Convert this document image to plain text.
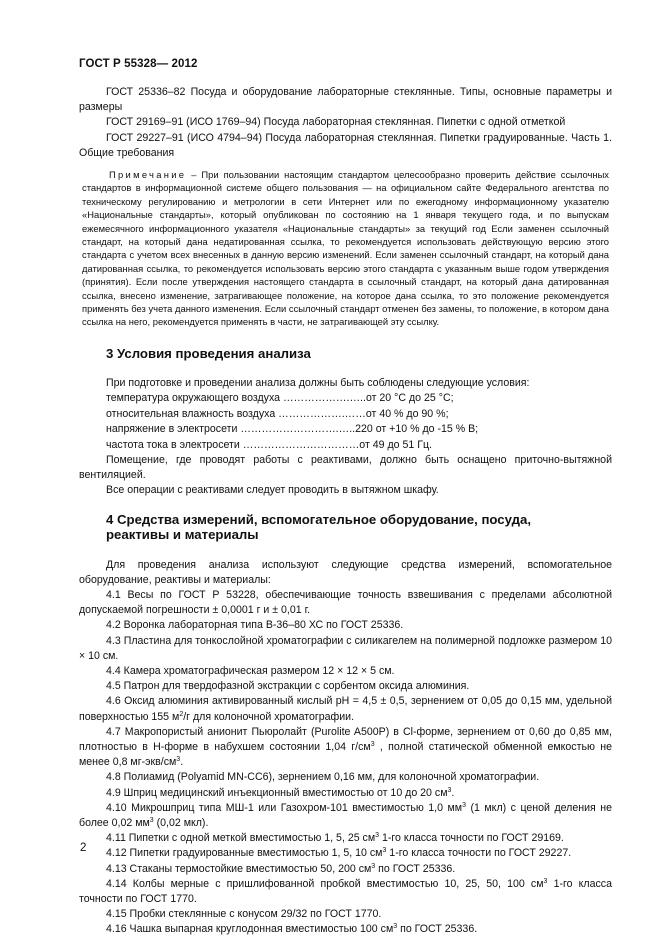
ГОСТ Р 55328— 2012

ГОСТ 25336–82 Посуда и оборудование лабораторные стеклянные. Типы, основные параметры и размеры

ГОСТ 29169–91 (ИСО 1769–94) Посуда лабораторная стеклянная. Пипетки с одной отметкой

ГОСТ 29227–91 (ИСО 4794–94) Посуда лабораторная стеклянная. Пипетки градуированные. Часть 1. Общие требования

Примечание – При пользовании настоящим стандартом целесообразно проверить действие ссылочных стандартов в информационной системе общего пользования — на официальном сайте Федерального агентства по техническому регулированию и метрологии в сети Интернет или по ежегодному информационному указателю «Национальные стандарты», который опубликован по состоянию на 1 января текущего года, и по выпускам ежемесячного информационного указателя «Национальные стандарты» за текущий год Если заменен ссылочный стандарт, на который дана недатированная ссылка, то рекомендуется использовать действующую версию этого стандарта с учетом всех внесенных в данную версию изменений. Если заменен ссылочный стандарт, на который дана датированная ссылка, то рекомендуется использовать версию этого стандарта с указанным выше годом утверждения (принятия). Если после утверждения настоящего стандарта в ссылочный стандарт, на который дана датированная ссылка, внесено изменение, затрагивающее положение, на которое дана ссылка, то это положение рекомендуется применять без учета данного изменения. Если ссылочный стандарт отменен без замены, то положение, в котором дана ссылка на него, рекомендуется применять в части, не затрагивающей эту ссылку.

3 Условия проведения анализа
При подготовке и проведении анализа должны быть соблюдены следующие условия:
температура окружающего воздуха ……………….…..от 20 °С до 25 °С;
относительная влажность воздуха ……………….……от 40 % до 90 %;
напряжение в электросети ……………………….…..220 от +10 % до -15 % В;
частота тока в электросети ……………………………от 49 до 51 Гц.

Помещение, где проводят работы с реактивами, должно быть оснащено приточно-вытяжной вентиляцией.

Все операции с реактивами следует проводить в вытяжном шкафу.

4 Средства измерений, вспомогательное оборудование, посуда, реактивы и материалы

Для проведения анализа используют следующие средства измерений, вспомогательное оборудование, реактивы и материалы:

4.1 Весы по ГОСТ Р 53228, обеспечивающие точность взвешивания с пределами абсолютной допускаемой погрешности ± 0,0001 г и ± 0,01 г.

4.2 Воронка лабораторная типа В-36–80 ХС по ГОСТ 25336.

4.3 Пластина для тонкослойной хроматографии с силикагелем на полимерной подложке размером 10 × 10 см.

4.4 Камера хроматографическая размером 12 × 12 × 5 см.

4.5 Патрон для твердофазной экстракции с сорбентом оксида алюминия.

4.6 Оксид алюминия активированный кислый pH = 4,5 ± 0,5, зернением от 0,05 до 0,15 мм, удельной поверхностью 155 $м^2/г$ для колоночной хроматографии.

4.7 Макропористый анионит Пьюролайт (Purolite A500P) в Cl-форме, зернением от 0,60 до 0,85 мм, плотностью в Н-форме в набухшем состоянии 1,04 $г/см^3$ , полной статической обменной емкостью не менее 0,8 $мг-экв/см^3$.

4.8 Полиамид (Polyamid MN-CC6), зернением 0,16 мм, для колоночной хроматографии.

4.9 Шприц медицинский инъекционный вместимостью от 10 до 20 $см^3$.

4.10 Микрошприц типа МШ-1 или Газохром-101 вместимостью 1,0 $мм^3$ (1 мкл) с ценой деления не более 0,02 $мм^3$ (0,02 мкл).

4.11 Пипетки с одной меткой вместимостью 1, 5, 25 $см^3$ 1-го класса точности по ГОСТ 29169.

4.12 Пипетки градуированные вместимостью 1, 5, 10 $см^3$ 1-го класса точности по ГОСТ 29227.

4.13 Стаканы термостойкие вместимостью 50, 200 $см^3$ по ГОСТ 25336.

4.14 Колбы мерные с пришлифованной пробкой вместимостью 10, 25, 50, 100 $см^3$ 1-го класса точности по ГОСТ 1770.

4.15 Пробки стеклянные с конусом 29/32 по ГОСТ 1770.

4.16 Чашка выпарная круглодонная вместимостью 100 $см^3$ по ГОСТ 25336.

2
